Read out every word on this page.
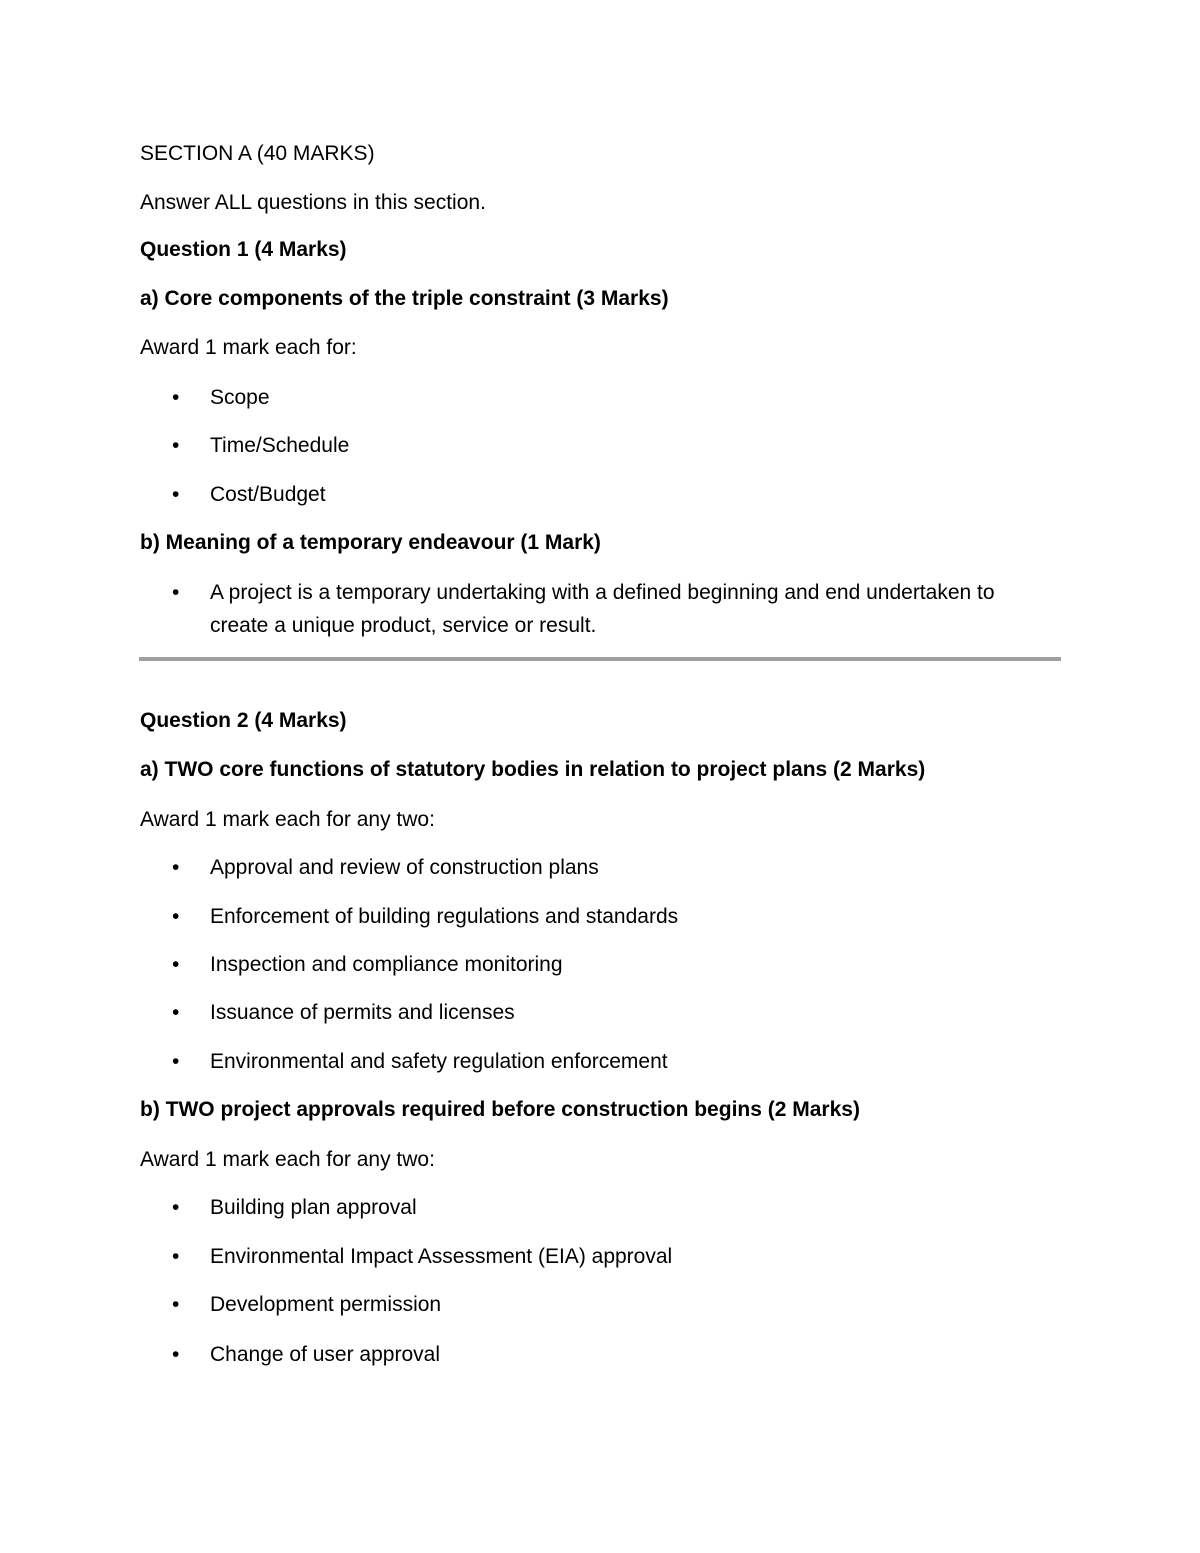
SECTION A (40 MARKS)
Answer ALL questions in this section.
Question 1 (4 Marks)
a) Core components of the triple constraint (3 Marks)
Award 1 mark each for:
• Scope
• Time/Schedule
• Cost/Budget
b) Meaning of a temporary endeavour (1 Mark)
• A project is a temporary undertaking with a defined beginning and end undertaken to create a unique product, service or result.
Question 2 (4 Marks)
a) TWO core functions of statutory bodies in relation to project plans (2 Marks)
Award 1 mark each for any two:
• Approval and review of construction plans
• Enforcement of building regulations and standards
• Inspection and compliance monitoring
• Issuance of permits and licenses
• Environmental and safety regulation enforcement
b) TWO project approvals required before construction begins (2 Marks)
Award 1 mark each for any two:
• Building plan approval
• Environmental Impact Assessment (EIA) approval
• Development permission
• Change of user approval
